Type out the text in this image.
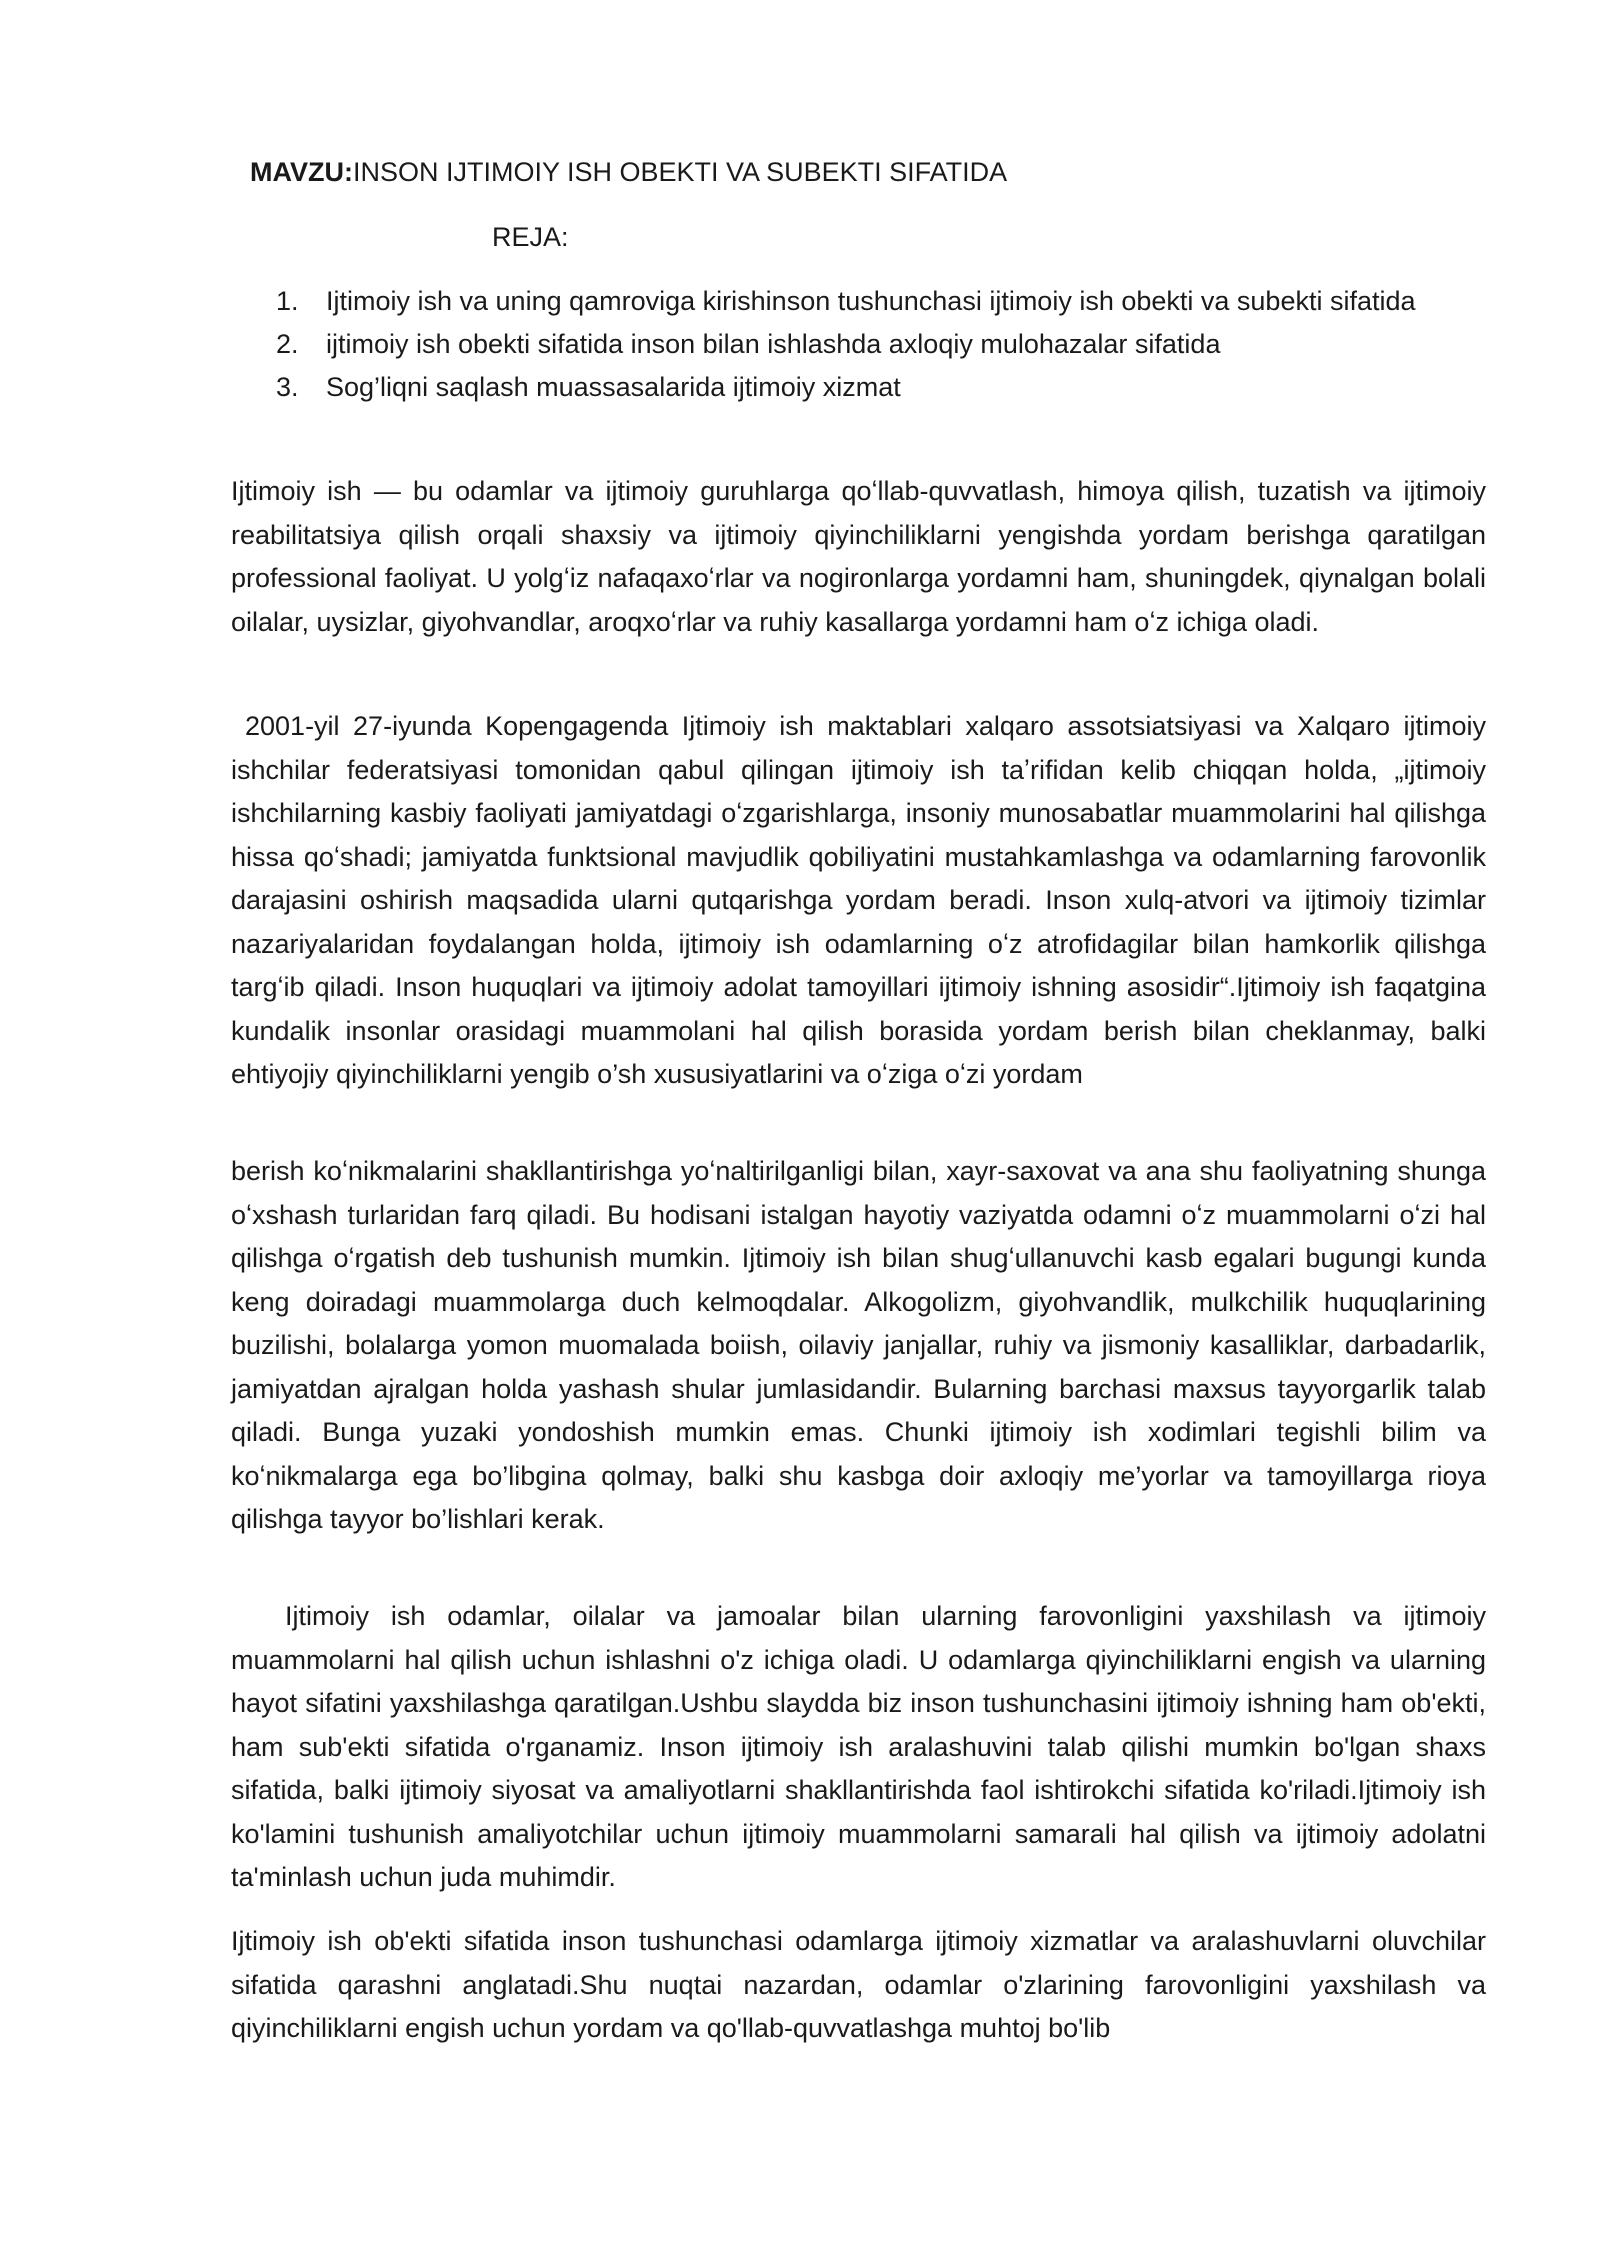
MAVZU:INSON IJTIMOIY ISH OBEKTI VA SUBEKTI SIFATIDA
REJA:
1.	Ijtimoiy ish va uning qamroviga kirishinson tushunchasi ijtimoiy ish obekti va subekti sifatida
2.	ijtimoiy ish obekti sifatida inson bilan ishlashda axloqiy mulohazalar sifatida
3.	Sog’liqni saqlash muassasalarida ijtimoiy xizmat

Ijtimoiy ish — bu odamlar va ijtimoiy guruhlarga qoʻllab-quvvatlash, himoya qilish, tuzatish va ijtimoiy reabilitatsiya qilish orqali shaxsiy va ijtimoiy qiyinchiliklarni yengishda yordam berishga qaratilgan professional faoliyat. U yolgʻiz nafaqaxoʻrlar va nogironlarga yordamni ham, shuningdek, qiynalgan bolali oilalar, uysizlar, giyohvandlar, aroqxoʻrlar va ruhiy kasallarga yordamni ham oʻz ichiga oladi.

2001-yil 27-iyunda Kopengagenda Ijtimoiy ish maktablari xalqaro assotsiatsiyasi va Xalqaro ijtimoiy ishchilar federatsiyasi tomonidan qabul qilingan ijtimoiy ish taʼrifidan kelib chiqqan holda, „ijtimoiy ishchilarning kasbiy faoliyati jamiyatdagi oʻzgarishlarga, insoniy munosabatlar muammolarini hal qilishga hissa qoʻshadi; jamiyatda funktsional mavjudlik qobiliyatini mustahkamlashga va odamlarning farovonlik darajasini oshirish maqsadida ularni qutqarishga yordam beradi. Inson xulq-atvori va ijtimoiy tizimlar nazariyalaridan foydalangan holda, ijtimoiy ish odamlarning oʻz atrofidagilar bilan hamkorlik qilishga targʻib qiladi. Inson huquqlari va ijtimoiy adolat tamoyillari ijtimoiy ishning asosidir“.Ijtimoiy ish faqatgina kundalik insonlar orasidagi muammolani hal qilish borasida yordam berish bilan cheklanmay, balki ehtiyojiy qiyinchiliklarni yengib o’sh xususiyatlarini va oʻziga oʻzi yordam

berish koʻnikmalarini shakllantirishga yoʻnaltirilganligi bilan, xayr-saxovat va ana shu faoliyatning shunga oʻxshash turlaridan farq qiladi. Bu hodisani istalgan hayotiy vaziyatda odamni oʻz muammolarni oʻzi hal qilishga oʻrgatish deb tushunish mumkin. Ijtimoiy ish bilan shugʻullanuvchi kasb egalari bugungi kunda keng doiradagi muammolarga duch kelmoqdalar. Alkogolizm, giyohvandlik, mulkchilik huquqlarining buzilishi, bolalarga yomon muomalada boiish, oilaviy janjallar, ruhiy va jismoniy kasalliklar, darbadarlik, jamiyatdan ajralgan holda yashash shular jumlasidandir. Bularning barchasi maxsus tayyorgarlik talab qiladi. Bunga yuzaki yondoshish mumkin emas. Chunki ijtimoiy ish xodimlari tegishli bilim va koʻnikmalarga ega bo’libgina qolmay, balki shu kasbga doir axloqiy me’yorlar va tamoyillarga rioya qilishga tayyor bo’lishlari kerak.

Ijtimoiy ish odamlar, oilalar va jamoalar bilan ularning farovonligini yaxshilash va ijtimoiy muammolarni hal qilish uchun ishlashni o'z ichiga oladi. U odamlarga qiyinchiliklarni engish va ularning hayot sifatini yaxshilashga qaratilgan.Ushbu slaydda biz inson tushunchasini ijtimoiy ishning ham ob'ekti, ham sub'ekti sifatida o'rganamiz. Inson ijtimoiy ish aralashuvini talab qilishi mumkin bo'lgan shaxs sifatida, balki ijtimoiy siyosat va amaliyotlarni shakllantirishda faol ishtirokchi sifatida ko'riladi.Ijtimoiy ish ko'lamini tushunish amaliyotchilar uchun ijtimoiy muammolarni samarali hal qilish va ijtimoiy adolatni ta'minlash uchun juda muhimdir.

Ijtimoiy ish ob'ekti sifatida inson tushunchasi odamlarga ijtimoiy xizmatlar va aralashuvlarni oluvchilar sifatida qarashni anglatadi.Shu nuqtai nazardan, odamlar o'zlarining farovonligini yaxshilash va qiyinchiliklarni engish uchun yordam va qo'llab-quvvatlashga muhtoj bo'lib
